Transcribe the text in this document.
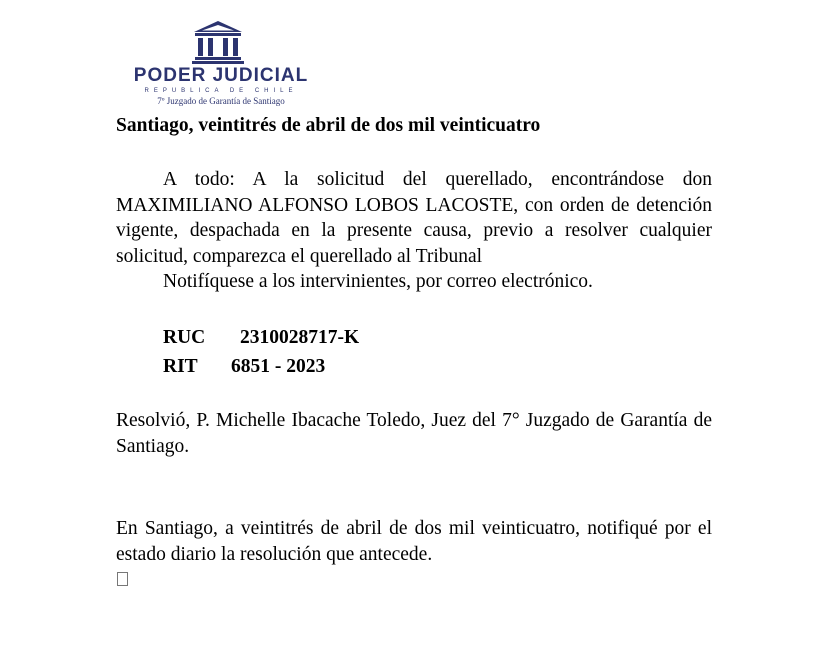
PODER JUDICIAL
REPUBLICA DE CHILE
7º Juzgado de Garantía de Santiago
Santiago, veintitrés de abril de dos mil veinticuatro
A todo: A la solicitud del querellado, encontrándose don MAXIMILIANO ALFONSO LOBOS LACOSTE, con orden de detención vigente, despachada en la presente causa, previo a resolver cualquier solicitud, comparezca el querellado al Tribunal
Notifíquese a los intervinientes, por correo electrónico.
RUC 2310028717-K
RIT 6851 - 2023
Resolvió, P. Michelle Ibacache Toledo, Juez del 7° Juzgado de Garantía de Santiago.
En Santiago, a veintitrés de abril de dos mil veinticuatro, notifiqué por el estado diario la resolución que antecede.
